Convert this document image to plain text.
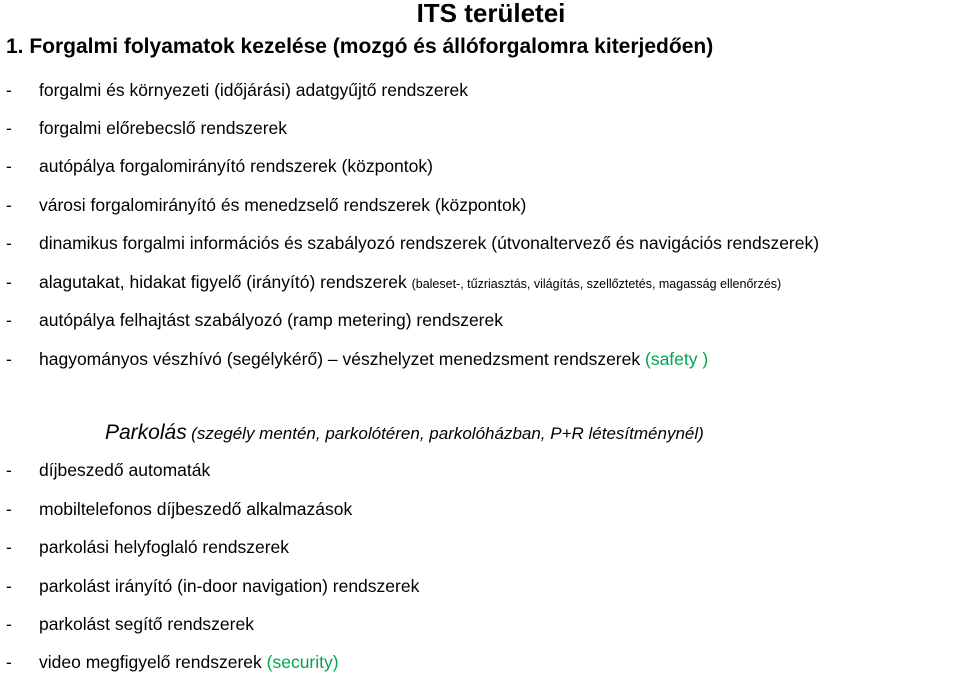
ITS területei
1. Forgalmi folyamatok kezelése (mozgó és állóforgalomra kiterjedően)
- forgalmi és környezeti (időjárási) adatgyűjtő rendszerek
- forgalmi előrebecslő rendszerek
- autópálya forgalomirányító rendszerek (központok)
- városi forgalomirányító és menedzselő rendszerek (központok)
- dinamikus forgalmi információs és szabályozó rendszerek (útvonaltervező és navigációs rendszerek)
- alagutakat, hidakat figyelő (irányító) rendszerek (baleset-, tűzriasztás, világítás, szellőztetés, magasság ellenőrzés)
- autópálya felhajtást szabályozó (ramp metering) rendszerek
- hagyományos vészhívó (segélykérő) – vészhelyzet menedzsment rendszerek (safety )
Parkolás (szegély mentén, parkolótéren, parkolóházban, P+R létesítménynél)
- díjbeszedő automaták
- mobiltelefonos díjbeszedő alkalmazások
- parkolási helyfoglaló rendszerek
- parkolást irányító (in-door navigation) rendszerek
- parkolást segítő rendszerek
- video megfigyelő rendszerek (security)
